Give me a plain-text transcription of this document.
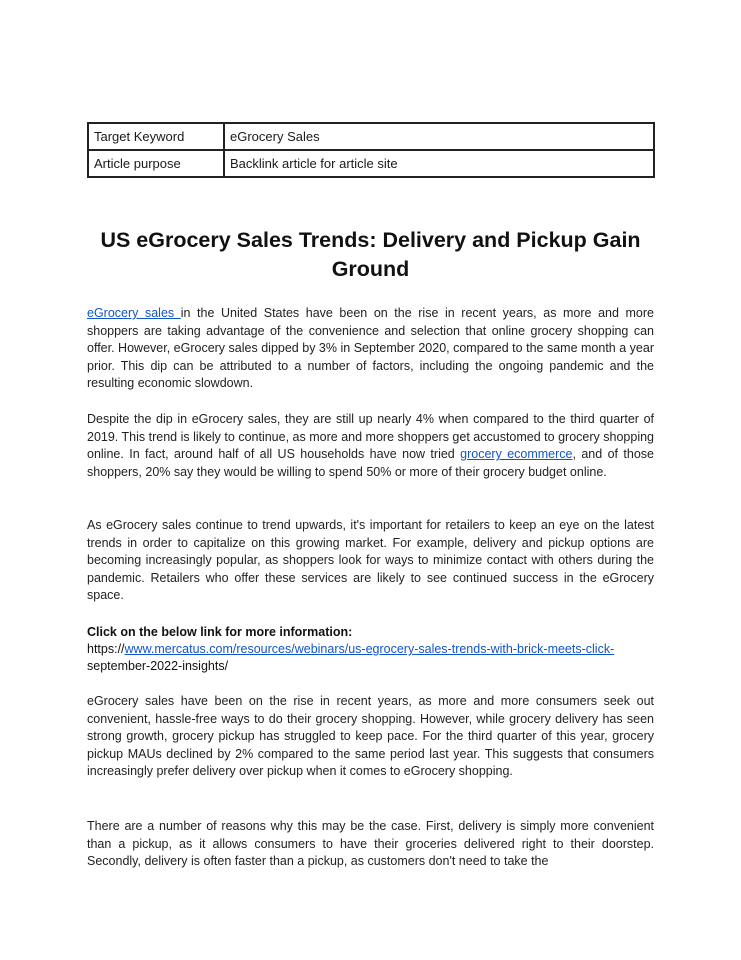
Target Keyword	eGrocery Sales
Article purpose	Backlink article for article site
US eGrocery Sales Trends: Delivery and Pickup Gain Ground

eGrocery sales in the United States have been on the rise in recent years, as more and more shoppers are taking advantage of the convenience and selection that online grocery shopping can offer. However, eGrocery sales dipped by 3% in September 2020, compared to the same month a year prior. This dip can be attributed to a number of factors, including the ongoing pandemic and the resulting economic slowdown.

Despite the dip in eGrocery sales, they are still up nearly 4% when compared to the third quarter of 2019. This trend is likely to continue, as more and more shoppers get accustomed to grocery shopping online. In fact, around half of all US households have now tried grocery ecommerce, and of those shoppers, 20% say they would be willing to spend 50% or more of their grocery budget online.

As eGrocery sales continue to trend upwards, it's important for retailers to keep an eye on the latest trends in order to capitalize on this growing market. For example, delivery and pickup options are becoming increasingly popular, as shoppers look for ways to minimize contact with others during the pandemic. Retailers who offer these services are likely to see continued success in the eGrocery space.

Click on the below link for more information:
https://www.mercatus.com/resources/webinars/us-egrocery-sales-trends-with-brick-meets-click-
september-2022-insights/

eGrocery sales have been on the rise in recent years, as more and more consumers seek out convenient, hassle-free ways to do their grocery shopping. However, while grocery delivery has seen strong growth, grocery pickup has struggled to keep pace. For the third quarter of this year, grocery pickup MAUs declined by 2% compared to the same period last year. This suggests that consumers increasingly prefer delivery over pickup when it comes to eGrocery shopping.

There are a number of reasons why this may be the case. First, delivery is simply more convenient than a pickup, as it allows consumers to have their groceries delivered right to their doorstep. Secondly, delivery is often faster than a pickup, as customers don't need to take the
